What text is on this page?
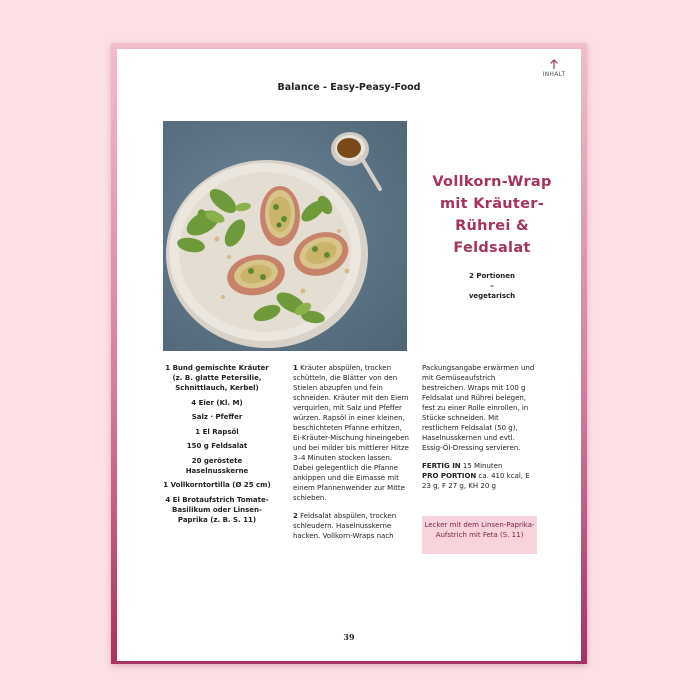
INHALT
Balance - Easy-Peasy-Food
Vollkorn-Wrap mit Kräuter-Rührei & Feldsalat
2 Portionen
–
vegetarisch
1 Bund gemischte Kräuter (z. B. glatte Petersilie, Schnittlauch, Kerbel)
4 Eier (Kl. M)
Salz · Pfeffer
1 El Rapsöl
150 g Feldsalat
20 geröstete Haselnusskerne
1 Vollkorntortilla (Ø 25 cm)
4 El Brotaufstrich Tomate-Basilikum oder Linsen-Paprika (z. B. S. 11)

1 Kräuter abspülen, trocken schütteln, die Blätter von den Stielen abzupfen und fein schneiden. Kräuter mit den Eiern verquirlen, mit Salz und Pfeffer würzen. Rapsöl in einer kleinen, beschichteten Pfanne erhitzen, Ei-Kräuter-Mischung hineingeben und bei milder bis mittlerer Hitze 3–4 Minuten stocken lassen. Dabei gelegentlich die Pfanne ankippen und die Eimasse mit einem Pfannenwender zur Mitte schieben.

2 Feldsalat abspülen, trocken schleudern. Haselnusskerne hacken. Vollkorn-Wraps nach

Packungsangabe erwärmen und mit Gemüseaufstrich bestreichen. Wraps mit 100 g Feldsalat und Rührei belegen, fest zu einer Rolle einrollen, in Stücke schneiden. Mit restlichem Feldsalat (50 g), Haselnusskernen und evtl. Essig-Öl-Dressing servieren.

FERTIG IN 15 Minuten
PRO PORTION ca. 410 kcal, E 23 g, F 27 g, KH 20 g

Lecker mit dem Linsen-Paprika-Aufstrich mit Feta (S. 11)
39
